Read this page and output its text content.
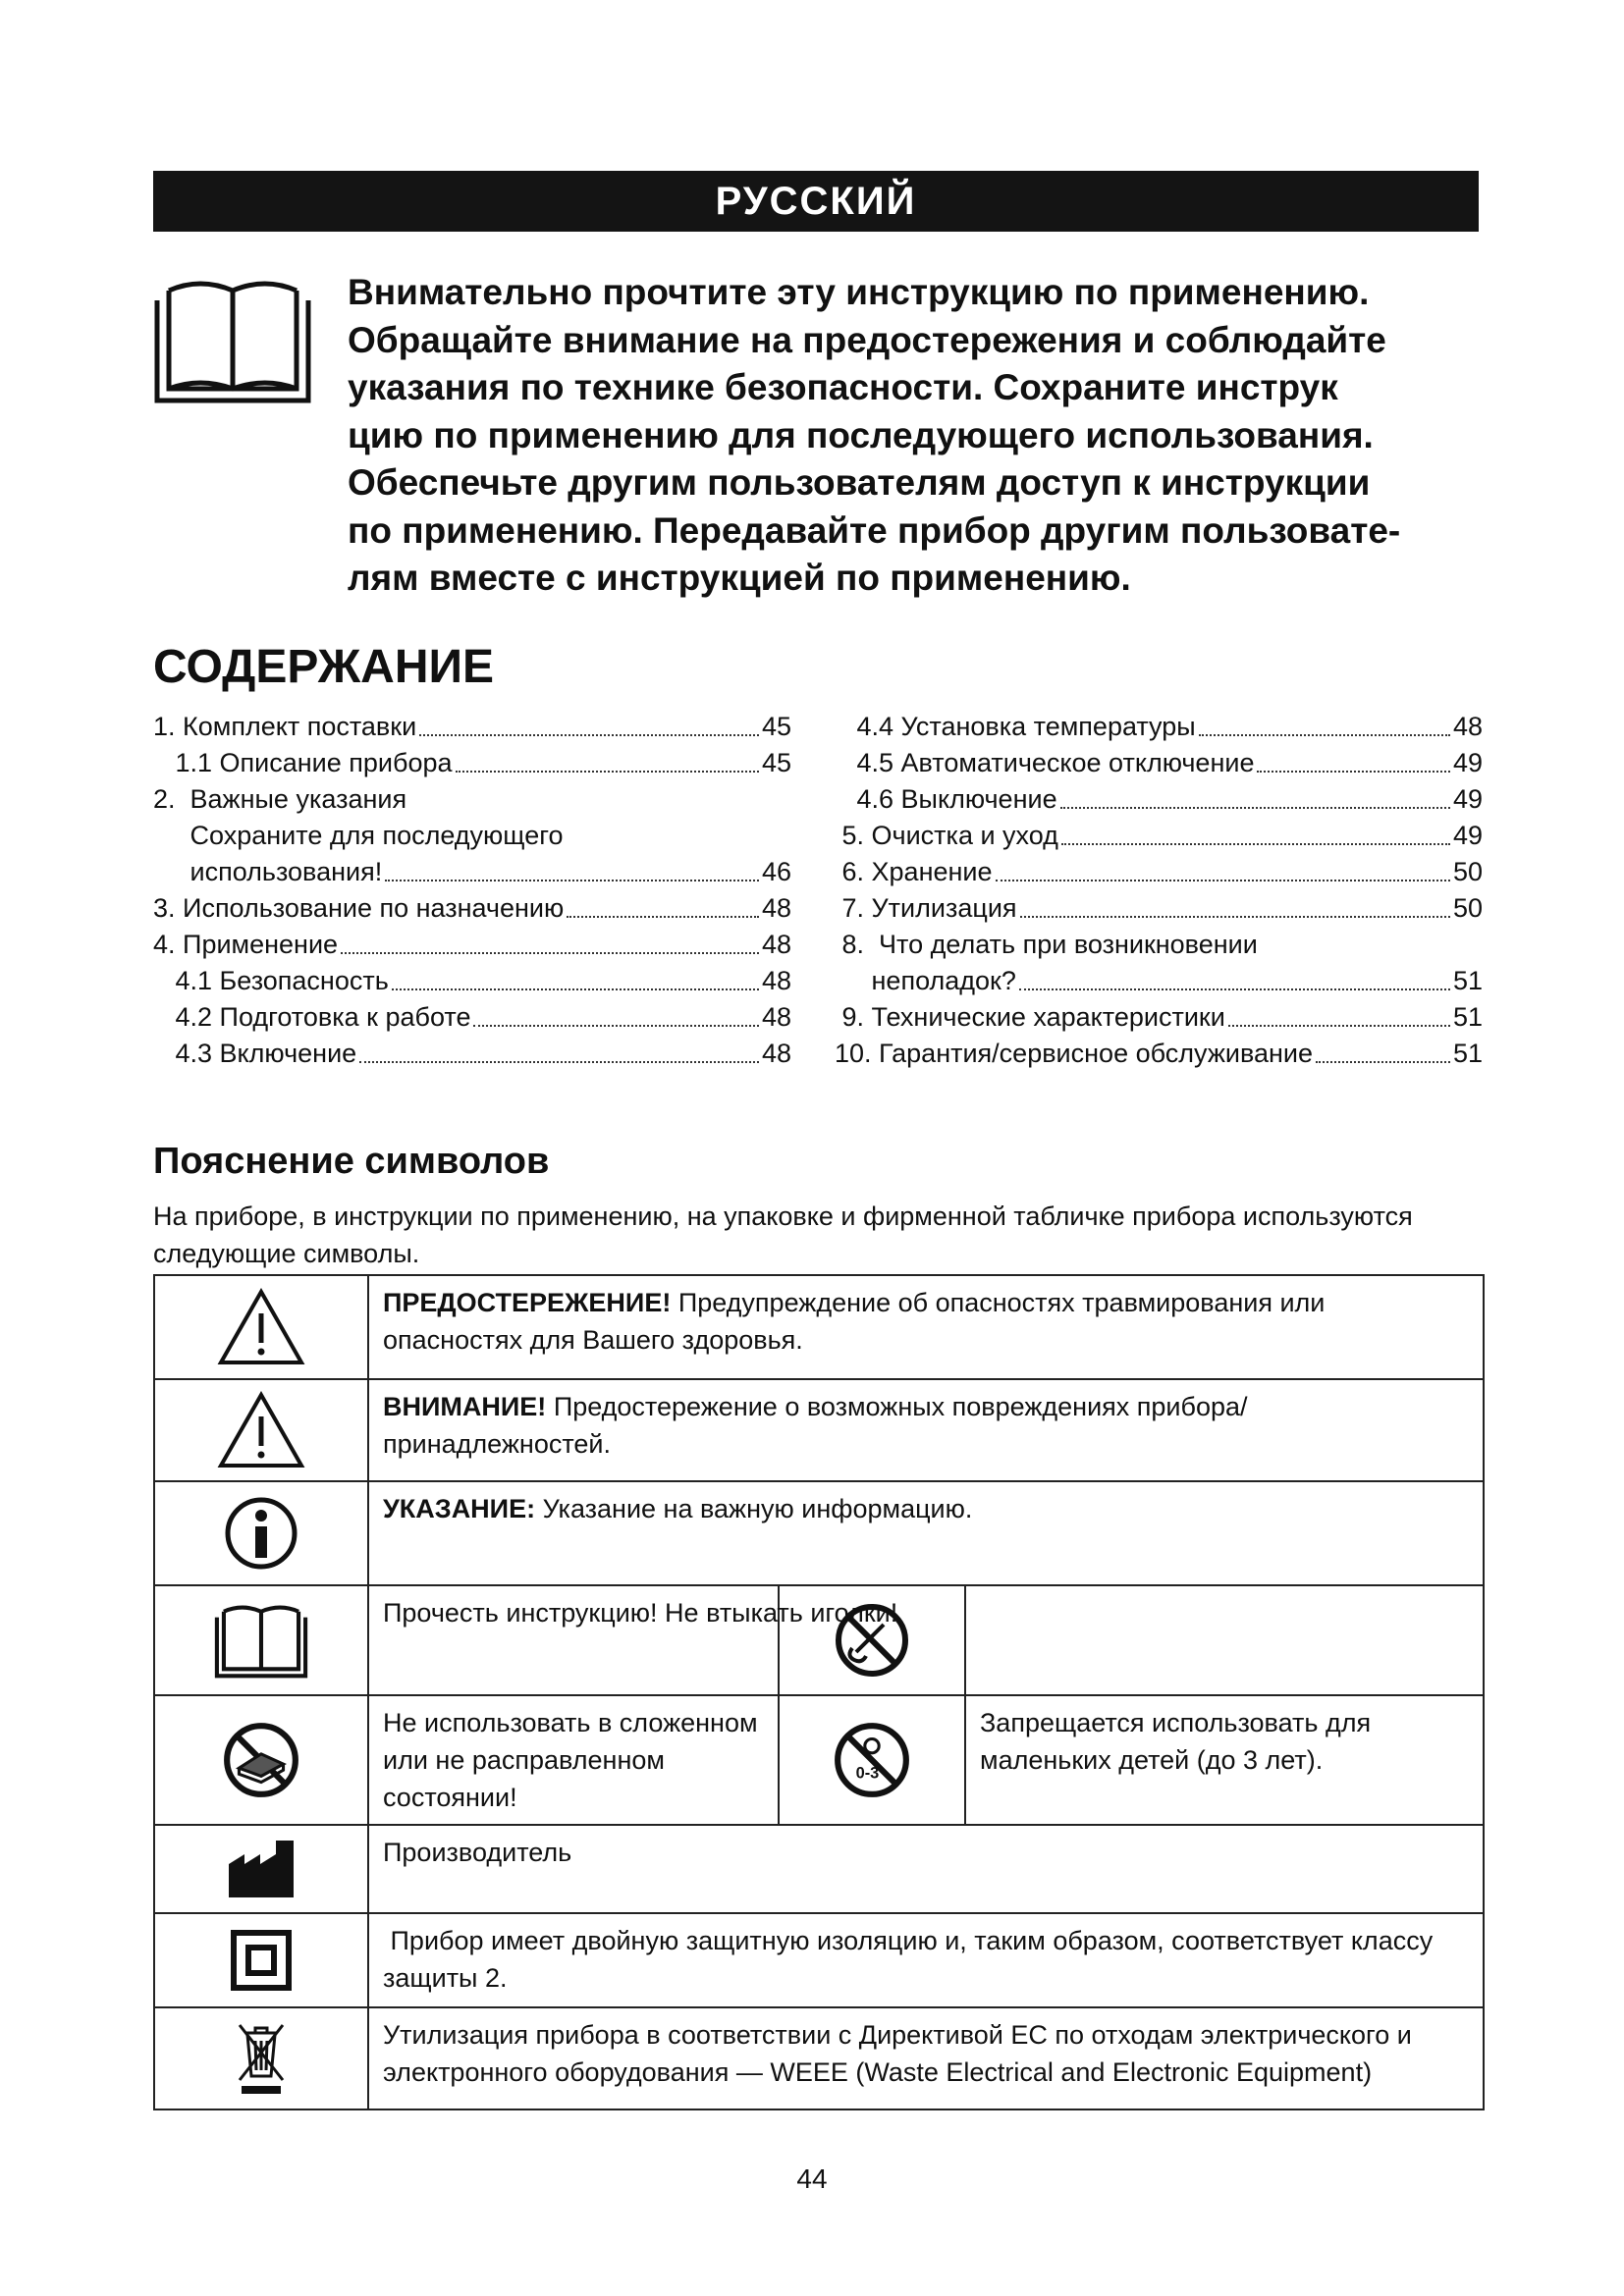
РУССКИЙ

Внимательно прочтите эту инструкцию по применению.

Обращайте внимание на предостережения и соблюдайте

указания по технике безопасности. Сохраните инструк

цию по применению для последующего использования.

Обеспечьте другим пользователям доступ к инструкции

по применению. Передавайте прибор другим пользовате-

лям вместе с инструкцией по применению.

СОДЕРЖАНИЕ
1. Комплект поставки	45
1.1 Описание прибора	45
2. Важные указания

Сохраните для последующего

использования!	46
3. Использование по назначению	48
4. Применение	48
4.1 Безопасность	48
4.2 Подготовка к работе	48
4.3 Включение	48
4.4 Установка температуры	48
4.5 Автоматическое отключение	49
4.6 Выключение	49
5. Очистка и уход	49
6. Хранение	50
7. Утилизация	50
8. Что делать при возникновении

неполадок?	51
9. Технические характеристики	51
10. Гарантия/сервисное обслуживание	51
Пояснение символов

На приборе, в инструкции по применению, на упаковке и фирменной табличке прибора используются следующие символы.

	ПРЕДОСТЕРЕЖЕНИЕ! Предупреждение об опасностях травмирования или опасностях для Вашего здоровья.		

	ВНИМАНИЕ! Предостережение о возможных повреждениях прибора/ принадлежностей.		

	УКАЗАНИЕ: Указание на важную информацию.		

	Прочесть инструкцию! Не втыкать иголки!	

	Не использовать в сложенном или не расправленном состоянии!	0-3	Запрещается использовать для маленьких детей (до 3 лет).

	Производитель		

	Прибор имеет двойную защитную изоляцию и, таким образом, соответствует классу защиты 2.		

	Утилизация прибора в соответствии с Директивой ЕС по отходам электрического и электронного оборудования — WEEE (Waste Electrical and Electronic Equipment)		
44
